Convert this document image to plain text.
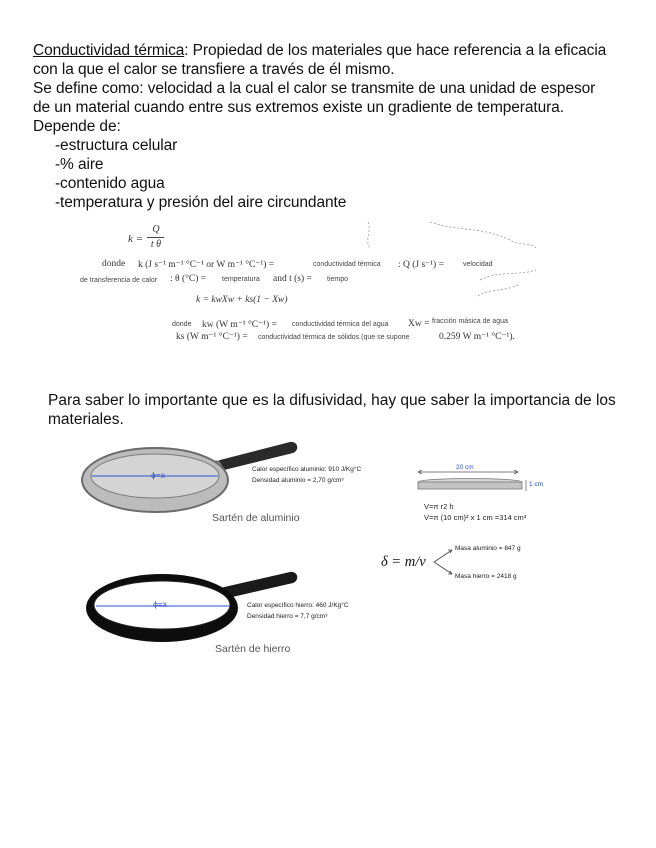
Conductividad térmica: Propiedad de los materiales que hace referencia a la eficacia
con la que el calor se transfiere a través de él mismo.
Se define como: velocidad a la cual el calor se transmite de una unidad de espesor
de un material cuando entre sus extremos existe un gradiente de temperatura.
Depende de:
-estructura celular
-% aire
-contenido agua
-temperatura y presión del aire circundante
k =
Q
t θ
donde k (J s⁻¹ m⁻¹ °C⁻¹ or W m⁻¹ °C⁻¹) =	conductividad térmica : Q (J s⁻¹) =	velocidad
de transferencia de calor : θ (°C) = temperatura and t (s) = tiempo
k = kwXw + ks(1 − Xw)
donde kw (W m⁻¹ °C⁻¹) = conductividad térmica del agua Xw = fracción másica de agua
ks (W m⁻¹ °C⁻¹) = conductividad térmica de sólidos (que se supone	0.259 W m⁻¹ °C⁻¹).
Para saber lo importante que es la difusividad, hay que saber la importancia de los
materiales.
ϕ=x
Calor específico aluminio: 910 J/Kg°C
Densidad aluminio = 2,70 g/cm³
Sartén de aluminio
20 cm
1 cm
V=π r2 h
V=π (10 cm)² x 1 cm =314 cm³
δ = m/v
Masa aluminio = 847 g
Masa hierro = 2418 g
ϕ=x	Calor específico hierro: 460 J/Kg°C
Densidad hierro = 7,7 g/cm³
Sartén de hierro
